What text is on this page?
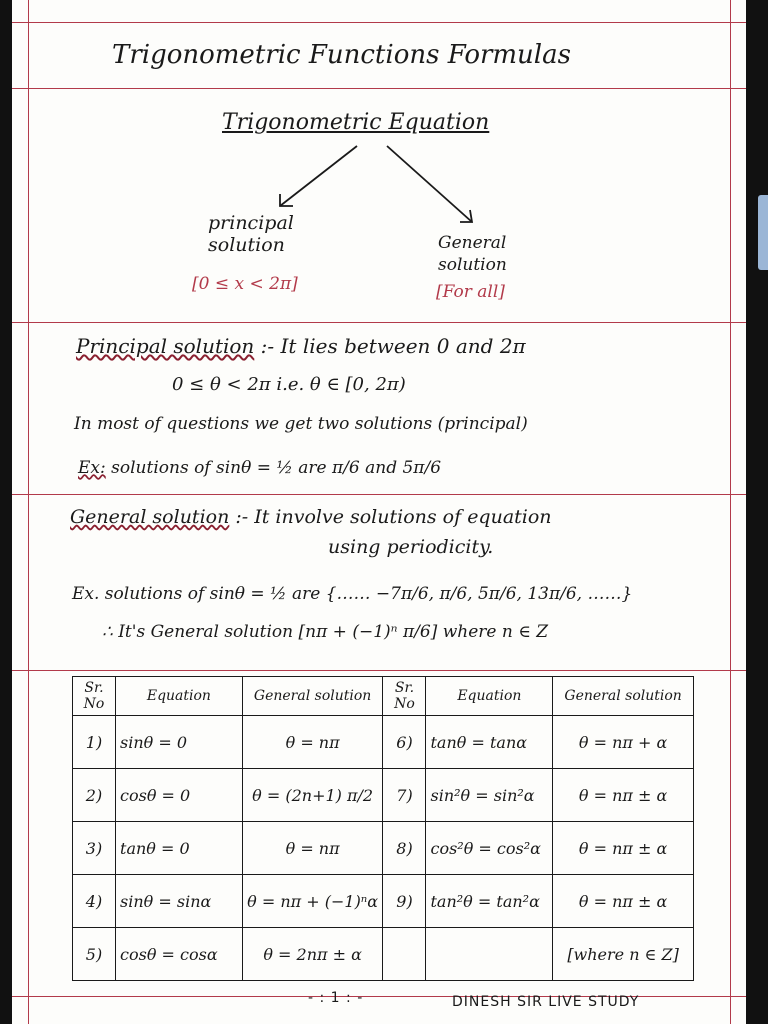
Trigonometric Functions Formulas
Trigonometric Equation
principal
solution
[0 ≤ x < 2π]
General
solution
[For all]
Principal solution :- It lies between 0 and 2π
0 ≤ θ < 2π i.e. θ ∈ [0, 2π)
In most of questions we get two solutions (principal)
Ex: solutions of sinθ = ½ are π/6 and 5π/6
General solution :- It involve solutions of equation
using periodicity.
Ex. solutions of sinθ = ½ are {…… −7π/6, π/6, 5π/6, 13π/6, ……}
∴ It's General solution [nπ + (−1)ⁿ π/6] where n ∈ Z
Sr. No	Equation	General solution	Sr. No	Equation	General solution
1)	sinθ = 0	θ = nπ	6)	tanθ = tanα	θ = nπ + α
2)	cosθ = 0	θ = (2n+1) π/2	7)	sin²θ = sin²α	θ = nπ ± α
3)	tanθ = 0	θ = nπ	8)	cos²θ = cos²α	θ = nπ ± α
4)	sinθ = sinα	θ = nπ + (−1)ⁿα	9)	tan²θ = tan²α	θ = nπ ± α
5)	cosθ = cosα	θ = 2nπ ± α			[where n ∈ Z]
- : 1 : -	DINESH SIR LIVE STUDY
